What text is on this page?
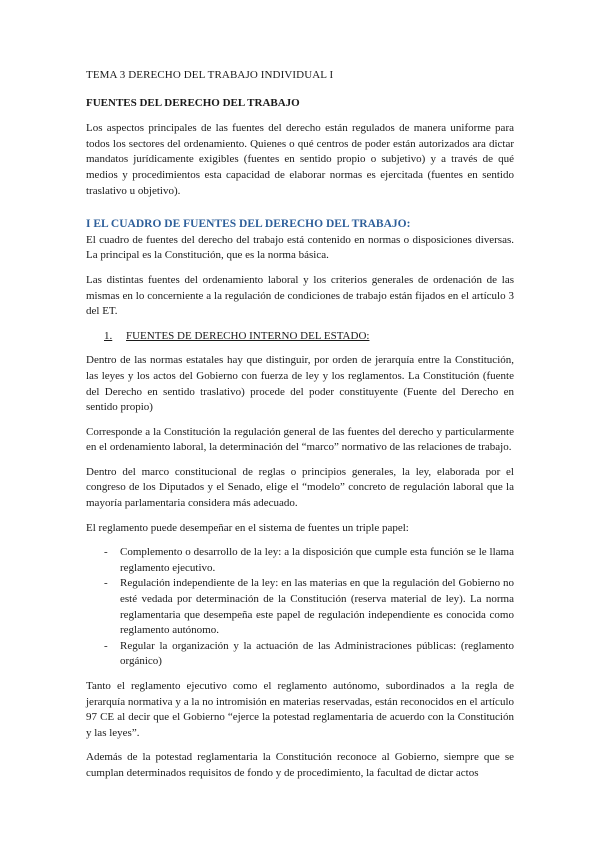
TEMA 3 DERECHO DEL TRABAJO INDIVIDUAL I

FUENTES DEL DERECHO DEL TRABAJO

Los aspectos principales de las fuentes del derecho están regulados de manera uniforme para todos los sectores del ordenamiento. Quienes o qué centros de poder están autorizados ara dictar mandatos jurídicamente exigibles (fuentes en sentido propio o subjetivo) y a través de qué medios y procedimientos esta capacidad de elaborar normas es ejercitada (fuentes en sentido traslativo u objetivo).

I EL CUADRO DE FUENTES DEL DERECHO DEL TRABAJO:

El cuadro de fuentes del derecho del trabajo está contenido en normas o disposiciones diversas. La principal es la Constitución, que es la norma básica.

Las distintas fuentes del ordenamiento laboral y los criterios generales de ordenación de las mismas en lo concerniente a la regulación de condiciones de trabajo están fijados en el artículo 3 del ET.

1.	FUENTES DE DERECHO INTERNO DEL ESTADO:

Dentro de las normas estatales hay que distinguir, por orden de jerarquía entre la Constitución, las leyes y los actos del Gobierno con fuerza de ley y los reglamentos. La Constitución (fuente del Derecho en sentido traslativo) procede del poder constituyente (Fuente del Derecho en sentido propio)

Corresponde a la Constitución la regulación general de las fuentes del derecho y particularmente en el ordenamiento laboral, la determinación del “marco” normativo de las relaciones de trabajo.

Dentro del marco constitucional de reglas o principios generales, la ley, elaborada por el congreso de los Diputados y el Senado, elige el “modelo” concreto de regulación laboral que la mayoría parlamentaria considera más adecuado.

El reglamento puede desempeñar en el sistema de fuentes un triple papel:

- Complemento o desarrollo de la ley: a la disposición que cumple esta función se le llama reglamento ejecutivo.
- Regulación independiente de la ley: en las materias en que la regulación del Gobierno no esté vedada por determinación de la Constitución (reserva material de ley). La norma reglamentaria que desempeña este papel de regulación independiente es conocida como reglamento autónomo.
- Regular la organización y la actuación de las Administraciones públicas: (reglamento orgánico)

Tanto el reglamento ejecutivo como el reglamento autónomo, subordinados a la regla de jerarquía normativa y a la no intromisión en materias reservadas, están reconocidos en el artículo 97 CE al decir que el Gobierno “ejerce la potestad reglamentaria de acuerdo con la Constitución y las leyes”.

Además de la potestad reglamentaria la Constitución reconoce al Gobierno, siempre que se cumplan determinados requisitos de fondo y de procedimiento, la facultad de dictar actos
